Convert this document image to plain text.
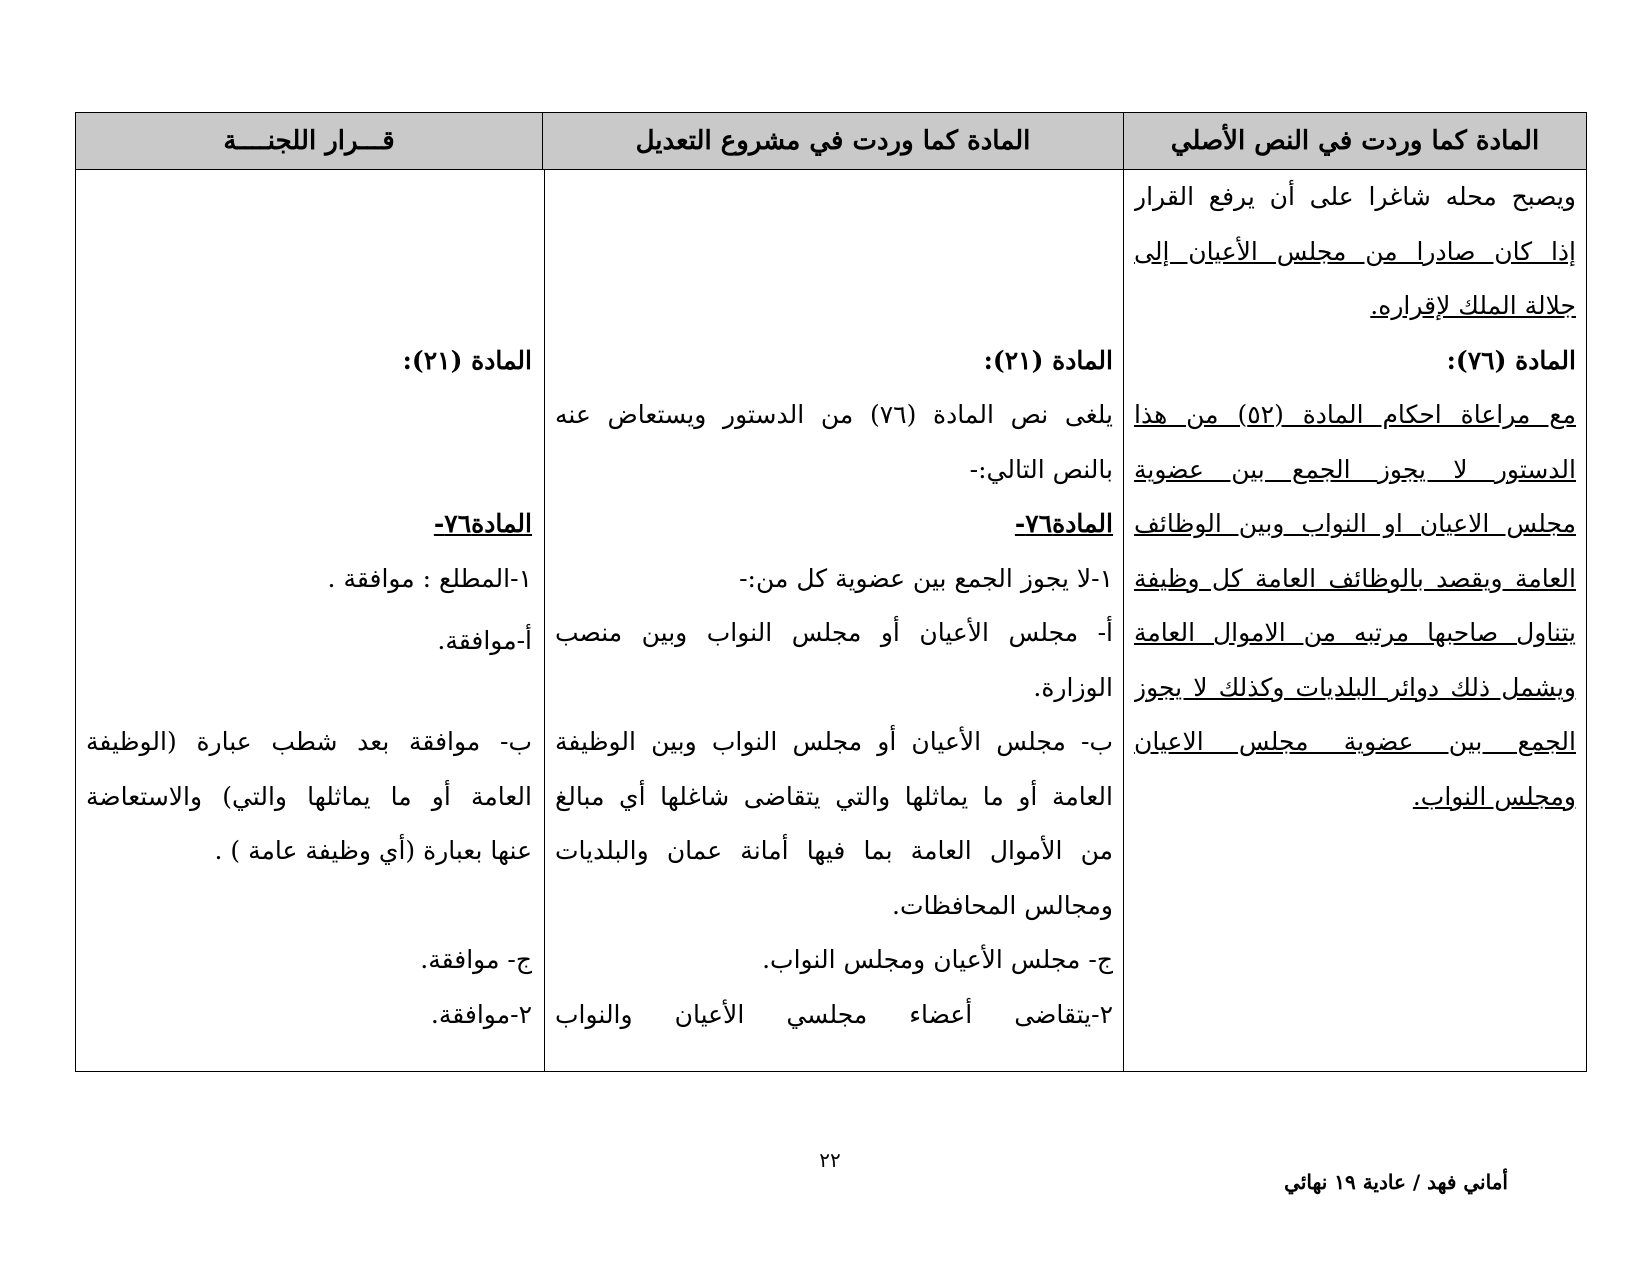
المادة كما وردت في النص الأصلي
المادة كما وردت في مشروع التعديل
قـــرار اللجنــــة
ويصبح محله شاغرا على أن يرفع القرار
إذا كان صادرا من مجلس الأعيان إلى
جلالة الملك لإقراره.
المادة (٧٦):
مع مراعاة احكام المادة (٥٢) من هذا
الدستور لا يجوز الجمع بين عضوية
مجلس الاعيان او النواب وبين الوظائف
العامة ويقصد بالوظائف العامة كل وظيفة
يتناول صاحبها مرتبه من الاموال العامة
ويشمل ذلك دوائر البلديات وكذلك لا يجوز
الجمع بين عضوية مجلس الاعيان
ومجلس النواب.
المادة (٢١):
يلغى نص المادة (٧٦) من الدستور ويستعاض عنه
بالنص التالي:-
المادة٧٦-
١-لا يجوز الجمع بين عضوية كل من:-
أ- مجلس الأعيان أو مجلس النواب وبين منصب
الوزارة.
ب- مجلس الأعيان أو مجلس النواب وبين الوظيفة
العامة أو ما يماثلها والتي يتقاضى شاغلها أي مبالغ
من الأموال العامة بما فيها أمانة عمان والبلديات
ومجالس المحافظات.
ج- مجلس الأعيان ومجلس النواب.
٢-يتقاضى أعضاء مجلسي الأعيان والنواب
المادة (٢١):
المادة٧٦-
١-المطلع : موافقة .
أ-موافقة.
ب- موافقة بعد شطب عبارة (الوظيفة
العامة أو ما يماثلها والتي) والاستعاضة
عنها بعبارة (أي وظيفة عامة ) .
ج- موافقة.
٢-موافقة.
٢٢
أماني فهد / عادية ١٩ نهائي
